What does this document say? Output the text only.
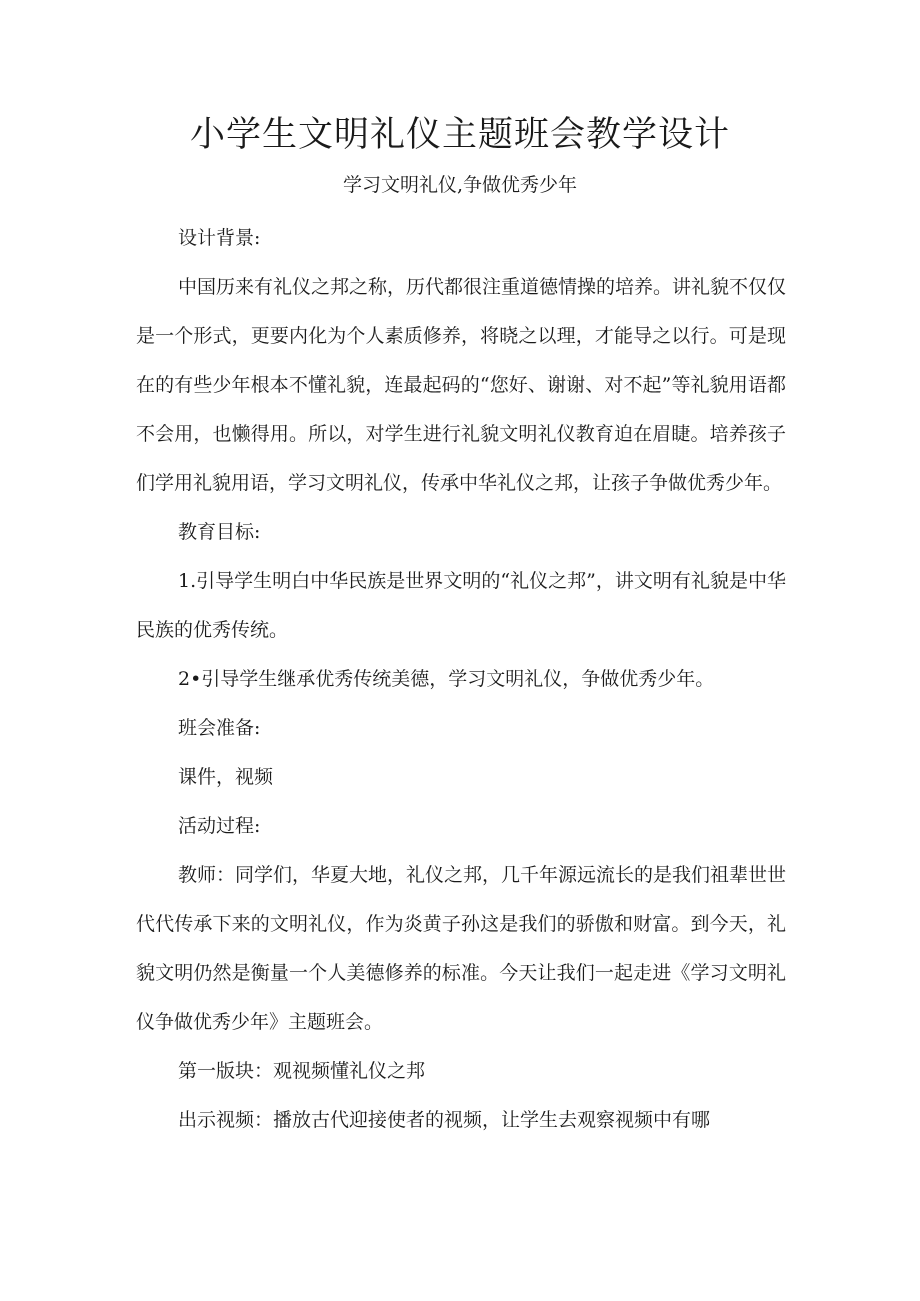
小学生文明礼仪主题班会教学设计
学习文明礼仪,争做优秀少年

设计背景:

中国历来有礼仪之邦之称，历代都很注重道德情操的培养。讲礼貌不仅仅是一个形式，更要内化为个人素质修养，将晓之以理，才能导之以行。可是现在的有些少年根本不懂礼貌，连最起码的“您好、谢谢、对不起”等礼貌用语都不会用，也懒得用。所以，对学生进行礼貌文明礼仪教育迫在眉睫。培养孩子们学用礼貌用语，学习文明礼仪，传承中华礼仪之邦，让孩子争做优秀少年。

教育目标:

1.引导学生明白中华民族是世界文明的“礼仪之邦”，讲文明有礼貌是中华民族的优秀传统。

2•引导学生继承优秀传统美德，学习文明礼仪，争做优秀少年。

班会准备:

课件，视频

活动过程:

教师：同学们，华夏大地，礼仪之邦，几千年源远流长的是我们祖辈世世代代传承下来的文明礼仪，作为炎黄子孙这是我们的骄傲和财富。到今天，礼貌文明仍然是衡量一个人美德修养的标准。今天让我们一起走进《学习文明礼仪争做优秀少年》主题班会。

第一版块：观视频懂礼仪之邦

出示视频：播放古代迎接使者的视频，让学生去观察视频中有哪
